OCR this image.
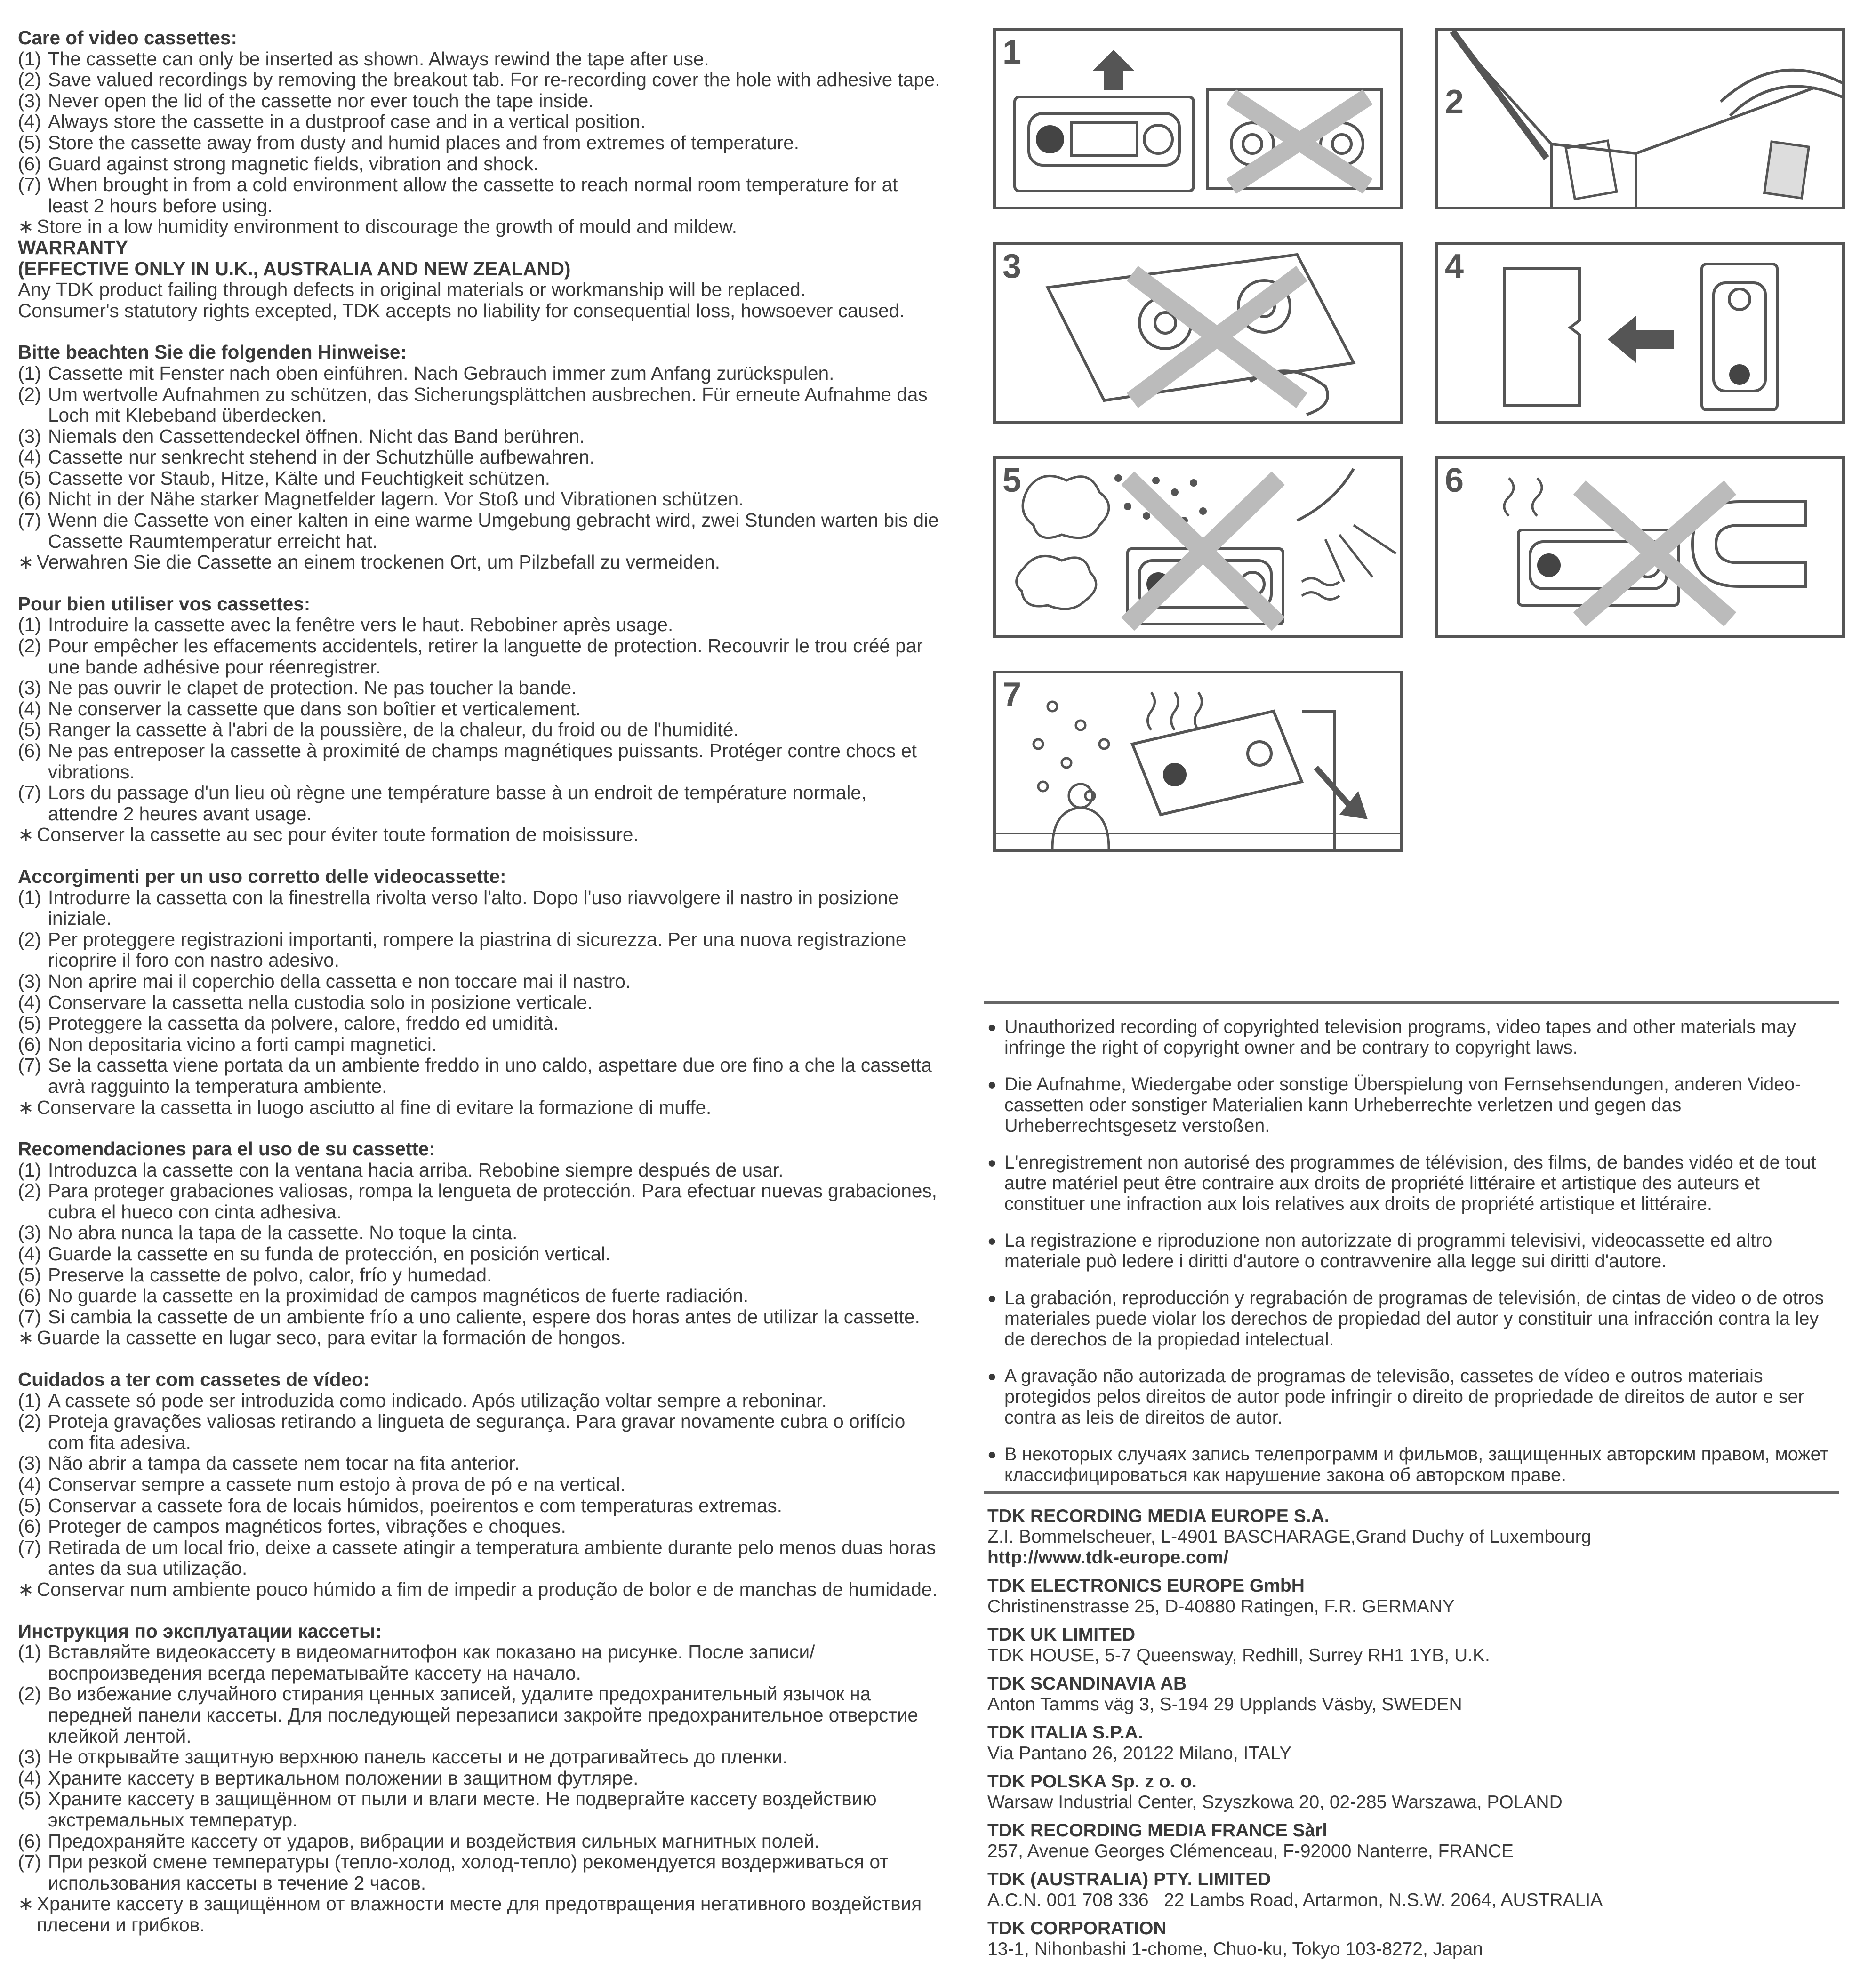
Care of video cassettes:

(1) The cassette can only be inserted as shown. Always rewind the tape after use.
(2) Save valued recordings by removing the breakout tab. For re-recording cover the hole with adhesive tape.
(3) Never open the lid of the cassette nor ever touch the tape inside.
(4) Always store the cassette in a dustproof case and in a vertical position.
(5) Store the cassette away from dusty and humid places and from extremes of temperature.
(6) Guard against strong magnetic fields, vibration and shock.
(7) When brought in from a cold environment allow the cassette to reach normal room temperature for at least 2 hours before using.
∗ Store in a low humidity environment to discourage the growth of mould and mildew.

WARRANTY

(EFFECTIVE ONLY IN U.K., AUSTRALIA AND NEW ZEALAND)

Any TDK product failing through defects in original materials or workmanship will be replaced.

Consumer's statutory rights excepted, TDK accepts no liability for consequential loss, howsoever caused.

Bitte beachten Sie die folgenden Hinweise:

(1) Cassette mit Fenster nach oben einführen. Nach Gebrauch immer zum Anfang zurückspulen.
(2) Um wertvolle Aufnahmen zu schützen, das Sicherungsplättchen ausbrechen. Für erneute Aufnahme das Loch mit Klebeband überdecken.
(3) Niemals den Cassettendeckel öffnen. Nicht das Band berühren.
(4) Cassette nur senkrecht stehend in der Schutzhülle aufbewahren.
(5) Cassette vor Staub, Hitze, Kälte und Feuchtigkeit schützen.
(6) Nicht in der Nähe starker Magnetfelder lagern. Vor Stoß und Vibrationen schützen.
(7) Wenn die Cassette von einer kalten in eine warme Umgebung gebracht wird, zwei Stunden warten bis die Cassette Raumtemperatur erreicht hat.
∗ Verwahren Sie die Cassette an einem trockenen Ort, um Pilzbefall zu vermeiden.

Pour bien utiliser vos cassettes:

(1) Introduire la cassette avec la fenêtre vers le haut. Rebobiner après usage.
(2) Pour empêcher les effacements accidentels, retirer la languette de protection. Recouvrir le trou créé par une bande adhésive pour réenregistrer.
(3) Ne pas ouvrir le clapet de protection. Ne pas toucher la bande.
(4) Ne conserver la cassette que dans son boîtier et verticalement.
(5) Ranger la cassette à l'abri de la poussière, de la chaleur, du froid ou de l'humidité.
(6) Ne pas entreposer la cassette à proximité de champs magnétiques puissants. Protéger contre chocs et vibrations.
(7) Lors du passage d'un lieu où règne une température basse à un endroit de température normale, attendre 2 heures avant usage.
∗ Conserver la cassette au sec pour éviter toute formation de moisissure.

Accorgimenti per un uso corretto delle videocassette:

(1) Introdurre la cassetta con la finestrella rivolta verso l'alto. Dopo l'uso riavvolgere il nastro in posizione iniziale.
(2) Per proteggere registrazioni importanti, rompere la piastrina di sicurezza. Per una nuova registrazione ricoprire il foro con nastro adesivo.
(3) Non aprire mai il coperchio della cassetta e non toccare mai il nastro.
(4) Conservare la cassetta nella custodia solo in posizione verticale.
(5) Proteggere la cassetta da polvere, calore, freddo ed umidità.
(6) Non depositaria vicino a forti campi magnetici.
(7) Se la cassetta viene portata da un ambiente freddo in uno caldo, aspettare due ore fino a che la cassetta avrà ragguinto la temperatura ambiente.
∗ Conservare la cassetta in luogo asciutto al fine di evitare la formazione di muffe.

Recomendaciones para el uso de su cassette:

(1) Introduzca la cassette con la ventana hacia arriba. Rebobine siempre después de usar.
(2) Para proteger grabaciones valiosas, rompa la lengueta de protección. Para efectuar nuevas grabaciones, cubra el hueco con cinta adhesiva.
(3) No abra nunca la tapa de la cassette. No toque la cinta.
(4) Guarde la cassette en su funda de protección, en posición vertical.
(5) Preserve la cassette de polvo, calor, frío y humedad.
(6) No guarde la cassette en la proximidad de campos magnéticos de fuerte radiación.
(7) Si cambia la cassette de un ambiente frío a uno caliente, espere dos horas antes de utilizar la cassette.
∗ Guarde la cassette en lugar seco, para evitar la formación de hongos.

Cuidados a ter com cassetes de vídeo:

(1) A cassete só pode ser introduzida como indicado. Após utilização voltar sempre a reboninar.
(2) Proteja gravações valiosas retirando a lingueta de segurança. Para gravar novamente cubra o orifício com fita adesiva.
(3) Não abrir a tampa da cassete nem tocar na fita anterior.
(4) Conservar sempre a cassete num estojo à prova de pó e na vertical.
(5) Conservar a cassete fora de locais húmidos, poeirentos e com temperaturas extremas.
(6) Proteger de campos magnéticos fortes, vibrações e choques.
(7) Retirada de um local frio, deixe a cassete atingir a temperatura ambiente durante pelo menos duas horas antes da sua utilização.
∗ Conservar num ambiente pouco húmido a fim de impedir a produção de bolor e de manchas de humidade.

Инструкция по эксплуатации кассеты:

(1) Вставляйте видеокассету в видеомагнитофон как показано на рисунке. После записи/воспроизведения всегда перематывайте кассету на начало.
(2) Во избежание случайного стирания ценных записей, удалите предохранительный язычок на передней панели кассеты. Для последующей перезаписи закройте предохранительное отверстие клейкой лентой.
(3) Не открывайте защитную верхнюю панель кассеты и не дотрагивайтесь до пленки.
(4) Храните кассету в вертикальном положении в защитном футляре.
(5) Храните кассету в защищённом от пыли и влаги месте. Не подвергайте кассету воздействию экстремальных температур.
(6) Предохраняйте кассету от ударов, вибрации и воздействия сильных магнитных полей.
(7) При резкой смене температуры (тепло-холод, холод-тепло) рекомендуется воздерживаться от использования кассеты в течение 2 часов.
∗ Храните кассету в защищённом от влажности месте для предотвращения негативного воздействия плесени и грибков.
1
2
3	4
5	6
7
● Unauthorized recording of copyrighted television programs, video tapes and other materials may infringe the right of copyright owner and be contrary to copyright laws.
● Die Aufnahme, Wiedergabe oder sonstige Überspielung von Fernsehsendungen, anderen Video-cassetten oder sonstiger Materialien kann Urheberrechte verletzen und gegen das Urheberrechtsgesetz verstoßen.
● L'enregistrement non autorisé des programmes de télévision, des films, de bandes vidéo et de tout autre matériel peut être contraire aux droits de propriété littéraire et artistique des auteurs et constituer une infraction aux lois relatives aux droits de propriété artistique et littéraire.
● La registrazione e riproduzione non autorizzate di programmi televisivi, videocassette ed altro materiale può ledere i diritti d'autore o contravvenire alla legge sui diritti d'autore.
● La grabación, reproducción y regrabación de programas de televisión, de cintas de video o de otros materiales puede violar los derechos de propiedad del autor y constituir una infracción contra la ley de derechos de la propiedad intelectual.
● A gravação não autorizada de programas de televisão, cassetes de vídeo e outros materiais protegidos pelos direitos de autor pode infringir o direito de propriedade de direitos de autor e ser contra as leis de direitos de autor.
● В некоторых случаях запись телепрограмм и фильмов, защищенных авторским правом, может классифицироваться как нарушение закона об авторском праве.

TDK RECORDING MEDIA EUROPE S.A.

Z.I. Bommelscheuer, L-4901 BASCHARAGE,Grand Duchy of Luxembourg

http://www.tdk-europe.com/

TDK ELECTRONICS EUROPE GmbH

Christinenstrasse 25, D-40880 Ratingen, F.R. GERMANY

TDK UK LIMITED

TDK HOUSE, 5-7 Queensway, Redhill, Surrey RH1 1YB, U.K.

TDK SCANDINAVIA AB

Anton Tamms väg 3, S-194 29 Upplands Väsby, SWEDEN

TDK ITALIA S.P.A.

Via Pantano 26, 20122 Milano, ITALY

TDK POLSKA Sp. z o. o.

Warsaw Industrial Center, Szyszkowa 20, 02-285 Warszawa, POLAND

TDK RECORDING MEDIA FRANCE Sàrl

257, Avenue Georges Clémenceau, F-92000 Nanterre, FRANCE

TDK (AUSTRALIA) PTY. LIMITED

A.C.N. 001 708 336   22 Lambs Road, Artarmon, N.S.W. 2064, AUSTRALIA

TDK CORPORATION

13-1, Nihonbashi 1-chome, Chuo-ku, Tokyo 103-8272, Japan
